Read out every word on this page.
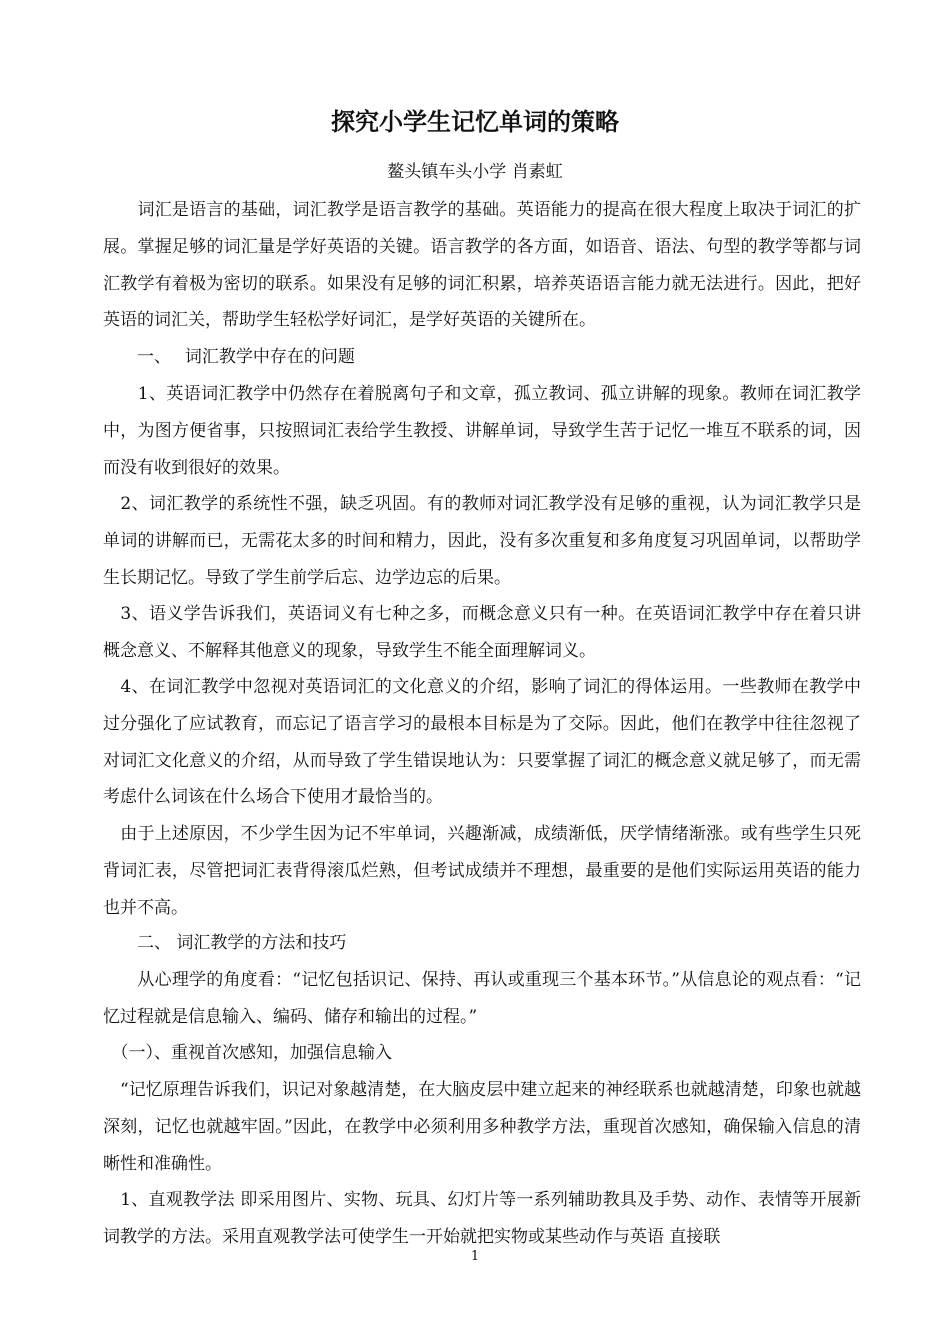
探究小学生记忆单词的策略
鳌头镇车头小学 肖素虹
　　词汇是语言的基础，词汇教学是语言教学的基础。英语能力的提高在很大程度上取决于词汇的扩展。掌握足够的词汇量是学好英语的关键。语言教学的各方面，如语音、语法、句型的教学等都与词汇教学有着极为密切的联系。如果没有足够的词汇积累，培养英语语言能力就无法进行。因此，把好英语的词汇关，帮助学生轻松学好词汇，是学好英语的关键所在。
　　一、　 词汇教学中存在的问题
　　1、英语词汇教学中仍然存在着脱离句子和文章，孤立教词、孤立讲解的现象。教师在词汇教学中，为图方便省事，只按照词汇表给学生教授、讲解单词，导致学生苦于记忆一堆互不联系的词，因而没有收到很好的效果。
　2、词汇教学的系统性不强，缺乏巩固。有的教师对词汇教学没有足够的重视，认为词汇教学只是单词的讲解而已，无需花太多的时间和精力，因此，没有多次重复和多角度复习巩固单词，以帮助学生长期记忆。导致了学生前学后忘、边学边忘的后果。
　3、语义学告诉我们，英语词义有七种之多，而概念意义只有一种。在英语词汇教学中存在着只讲概念意义、不解释其他意义的现象，导致学生不能全面理解词义。
　4、在词汇教学中忽视对英语词汇的文化意义的介绍，影响了词汇的得体运用。一些教师在教学中过分强化了应试教育，而忘记了语言学习的最根本目标是为了交际。因此，他们在教学中往往忽视了对词汇文化意义的介绍，从而导致了学生错误地认为：只要掌握了词汇的概念意义就足够了，而无需考虑什么词该在什么场合下使用才最恰当的。
　由于上述原因，不少学生因为记不牢单词，兴趣渐减，成绩渐低，厌学情绪渐涨。或有些学生只死背词汇表，尽管把词汇表背得滚瓜烂熟，但考试成绩并不理想，最重要的是他们实际运用英语的能力也并不高。
　　二、 词汇教学的方法和技巧
　　从心理学的角度看：“记忆包括识记、保持、再认或重现三个基本环节。”从信息论的观点看：“记忆过程就是信息输入、编码、储存和输出的过程。”
　（一）、重视首次感知，加强信息输入
　“记忆原理告诉我们，识记对象越清楚，在大脑皮层中建立起来的神经联系也就越清楚，印象也就越深刻，记忆也就越牢固。”因此，在教学中必须利用多种教学方法，重现首次感知，确保输入信息的清晰性和准确性。
　1、直观教学法 即采用图片、实物、玩具、幻灯片等一系列辅助教具及手势、动作、表情等开展新词教学的方法。采用直观教学法可使学生一开始就把实物或某些动作与英语 直接联
1
